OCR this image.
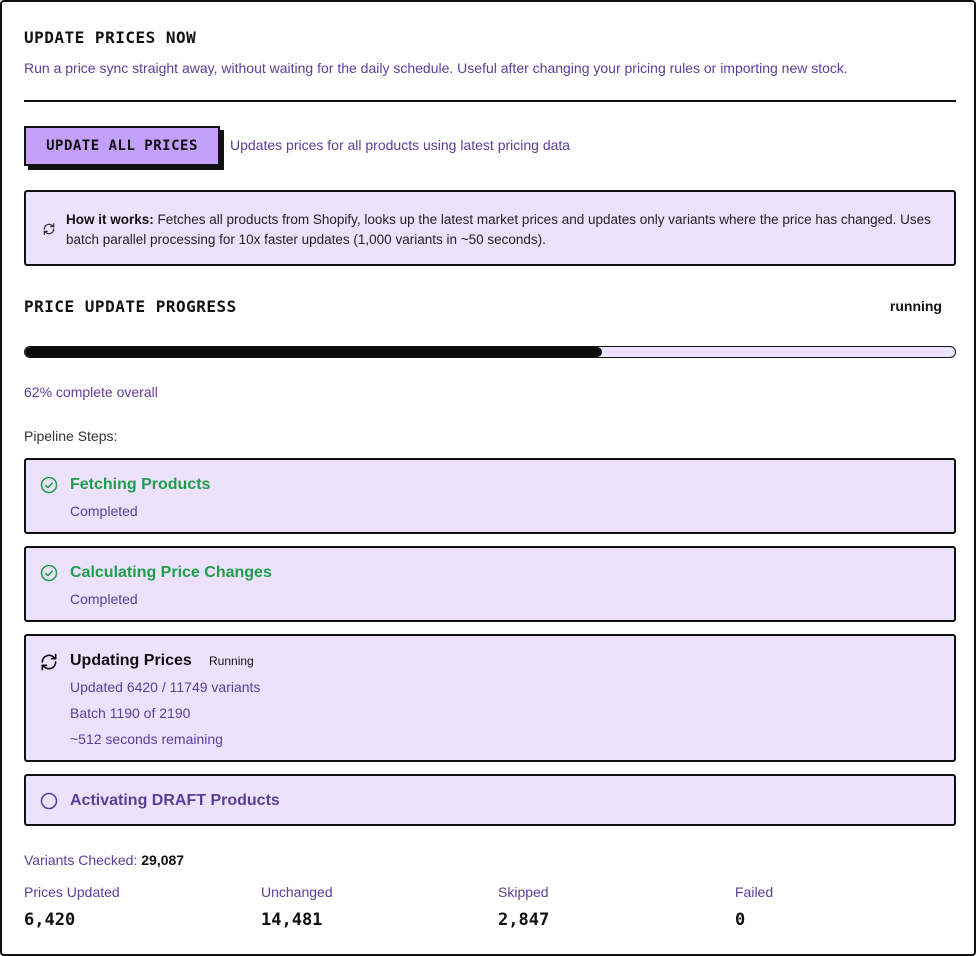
UPDATE PRICES NOW
Run a price sync straight away, without waiting for the daily schedule. Useful after changing your pricing rules or importing new stock.
UPDATE ALL PRICES	Updates prices for all products using latest pricing data
How it works: Fetches all products from Shopify, looks up the latest market prices and updates only variants where the price has changed. Uses batch parallel processing for 10x faster updates (1,000 variants in ~50 seconds).
PRICE UPDATE PROGRESS	running
62% complete overall
Pipeline Steps:
Fetching Products
Completed
Calculating Price Changes
Completed
Updating Prices Running
Updated 6420 / 11749 variants
Batch 1190 of 2190
~512 seconds remaining
Activating DRAFT Products
Variants Checked: 29,087
Prices Updated
6,420
Unchanged
14,481
Skipped
2,847
Failed
0
